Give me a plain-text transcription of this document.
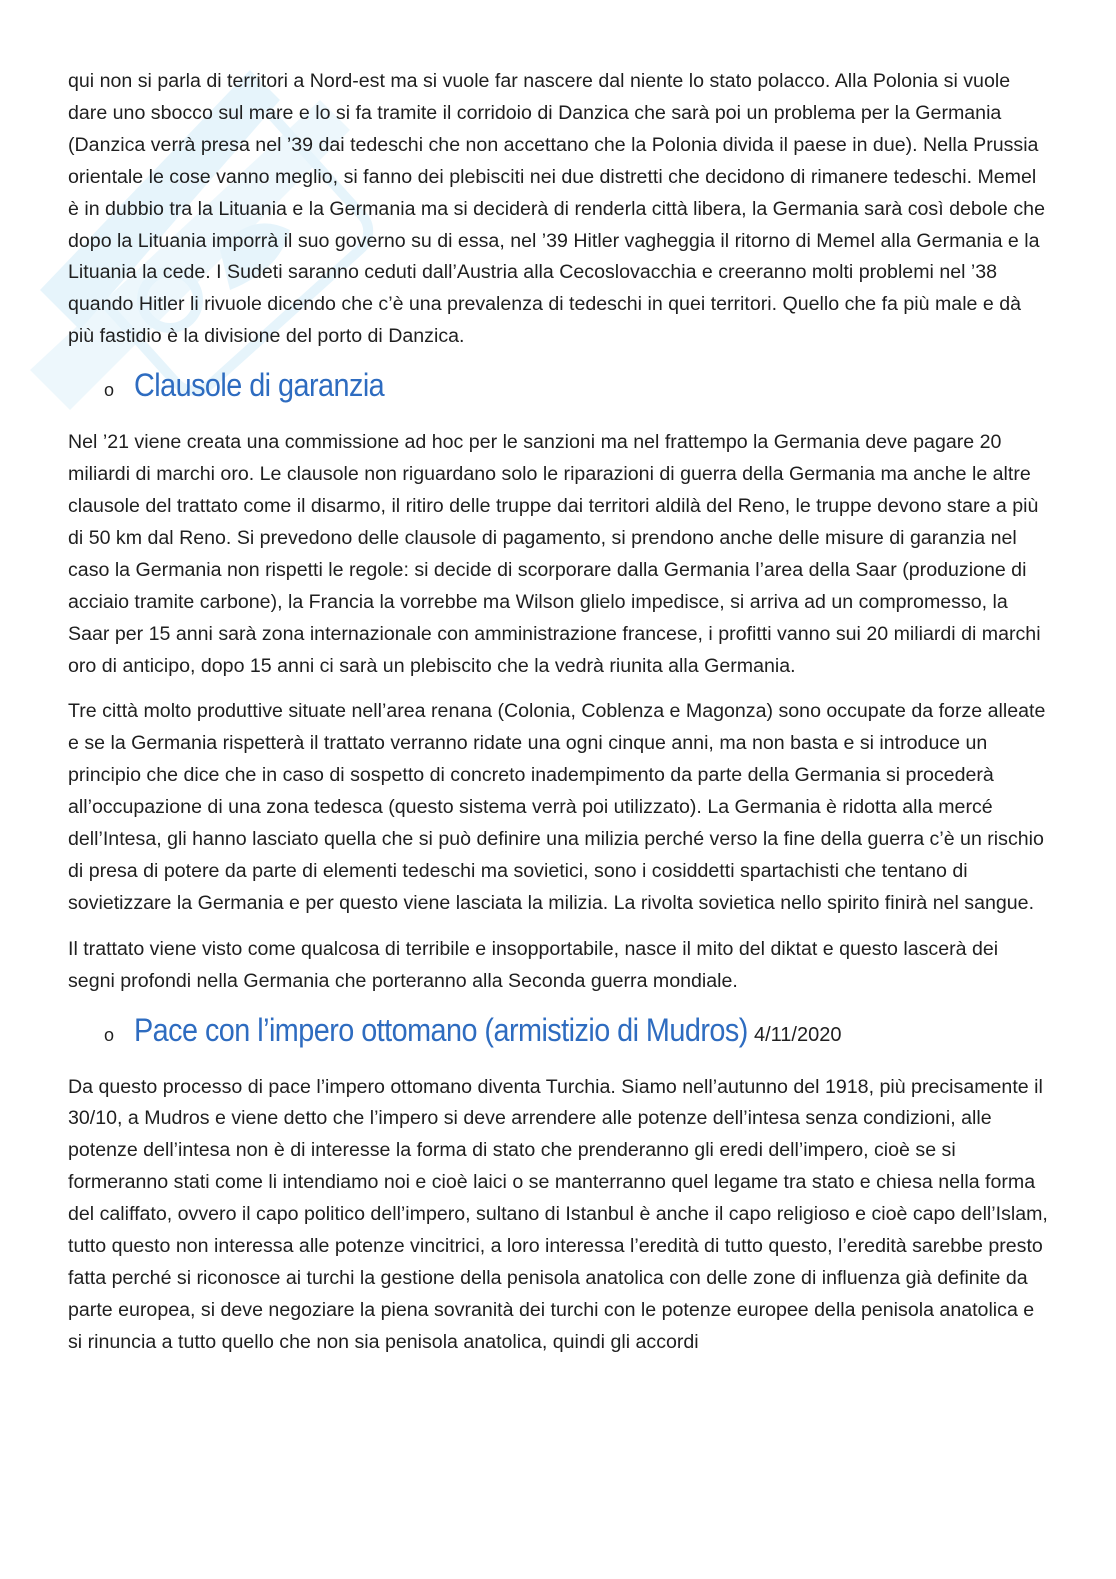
qui non si parla di territori a Nord-est ma si vuole far nascere dal niente lo stato polacco. Alla Polonia si vuole dare uno sbocco sul mare e lo si fa tramite il corridoio di Danzica che sarà poi un problema per la Germania (Danzica verrà presa nel ’39 dai tedeschi che non accettano che la Polonia divida il paese in due). Nella Prussia orientale le cose vanno meglio, si fanno dei plebisciti nei due distretti che decidono di rimanere tedeschi. Memel è in dubbio tra la Lituania e la Germania ma si deciderà di renderla città libera, la Germania sarà così debole che dopo la Lituania imporrà il suo governo su di essa, nel ’39 Hitler vagheggia il ritorno di Memel alla Germania e la Lituania la cede. I Sudeti saranno ceduti dall’Austria alla Cecoslovacchia e creeranno molti problemi nel ’38 quando Hitler li rivuole dicendo che c’è una prevalenza di tedeschi in quei territori. Quello che fa più male e dà più fastidio è la divisione del porto di Danzica.

o Clausole di garanzia

Nel ’21 viene creata una commissione ad hoc per le sanzioni ma nel frattempo la Germania deve pagare 20 miliardi di marchi oro. Le clausole non riguardano solo le riparazioni di guerra della Germania ma anche le altre clausole del trattato come il disarmo, il ritiro delle truppe dai territori aldilà del Reno, le truppe devono stare a più di 50 km dal Reno. Si prevedono delle clausole di pagamento, si prendono anche delle misure di garanzia nel caso la Germania non rispetti le regole: si decide di scorporare dalla Germania l’area della Saar (produzione di acciaio tramite carbone), la Francia la vorrebbe ma Wilson glielo impedisce, si arriva ad un compromesso, la Saar per 15 anni sarà zona internazionale con amministrazione francese, i profitti vanno sui 20 miliardi di marchi oro di anticipo, dopo 15 anni ci sarà un plebiscito che la vedrà riunita alla Germania.

Tre città molto produttive situate nell’area renana (Colonia, Coblenza e Magonza) sono occupate da forze alleate e se la Germania rispetterà il trattato verranno ridate una ogni cinque anni, ma non basta e si introduce un principio che dice che in caso di sospetto di concreto inadempimento da parte della Germania si procederà all’occupazione di una zona tedesca (questo sistema verrà poi utilizzato). La Germania è ridotta alla mercé dell’Intesa, gli hanno lasciato quella che si può definire una milizia perché verso la fine della guerra c’è un rischio di presa di potere da parte di elementi tedeschi ma sovietici, sono i cosiddetti spartachisti che tentano di sovietizzare la Germania e per questo viene lasciata la milizia. La rivolta sovietica nello spirito finirà nel sangue.

Il trattato viene visto come qualcosa di terribile e insopportabile, nasce il mito del diktat e questo lascerà dei segni profondi nella Germania che porteranno alla Seconda guerra mondiale.

o Pace con l’impero ottomano (armistizio di Mudros) 4/11/2020

Da questo processo di pace l’impero ottomano diventa Turchia. Siamo nell’autunno del 1918, più precisamente il 30/10, a Mudros e viene detto che l’impero si deve arrendere alle potenze dell’intesa senza condizioni, alle potenze dell’intesa non è di interesse la forma di stato che prenderanno gli eredi dell’impero, cioè se si formeranno stati come li intendiamo noi e cioè laici o se manterranno quel legame tra stato e chiesa nella forma del califfato, ovvero il capo politico dell’impero, sultano di Istanbul è anche il capo religioso e cioè capo dell’Islam, tutto questo non interessa alle potenze vincitrici, a loro interessa l’eredità di tutto questo, l’eredità sarebbe presto fatta perché si riconosce ai turchi la gestione della penisola anatolica con delle zone di influenza già definite da parte europea, si deve negoziare la piena sovranità dei turchi con le potenze europee della penisola anatolica e si rinuncia a tutto quello che non sia penisola anatolica, quindi gli accordi
